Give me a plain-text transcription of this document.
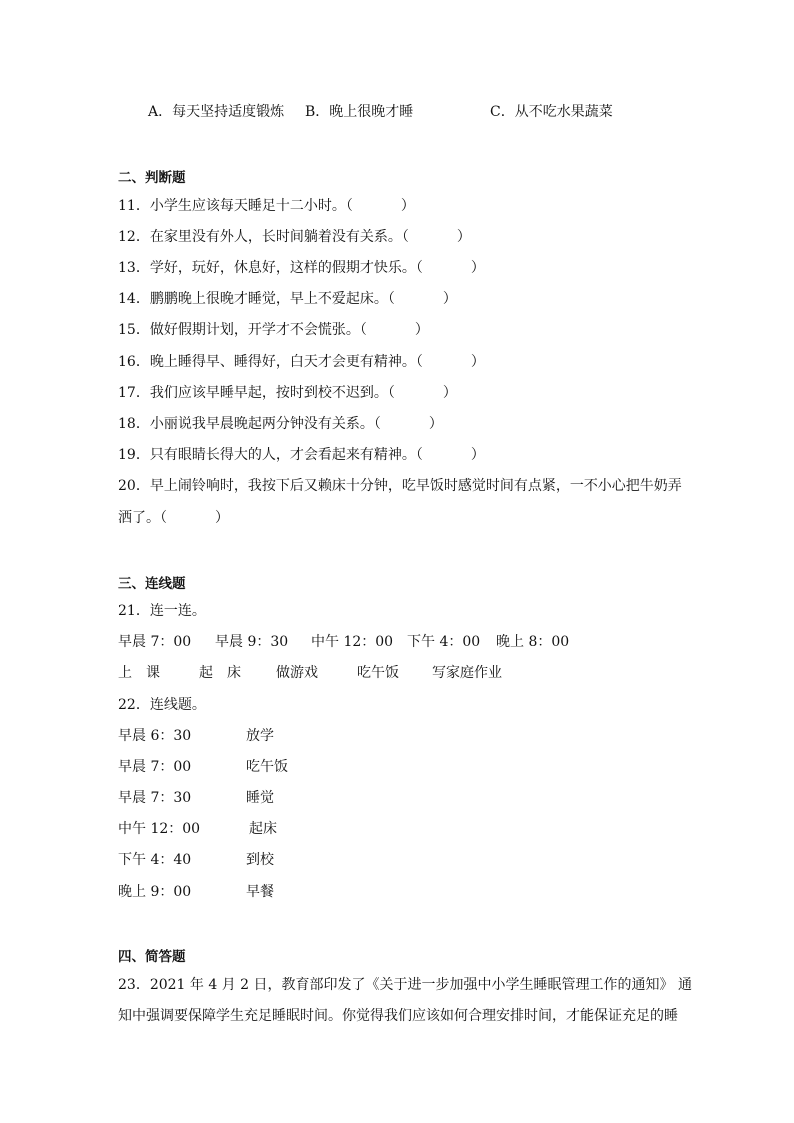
A．每天坚持适度锻炼 B．晚上很晚才睡	C．从不吃水果蔬菜
二、判断题
11．小学生应该每天睡足十二小时。（	）
12．在家里没有外人，长时间躺着没有关系。（	）
13．学好，玩好，休息好，这样的假期才快乐。（	）
14．鹏鹏晚上很晚才睡觉，早上不爱起床。（	）
15．做好假期计划，开学才不会慌张。（	）
16．晚上睡得早、睡得好，白天才会更有精神。（	）
17．我们应该早睡早起，按时到校不迟到。（	）
18．小丽说我早晨晚起两分钟没有关系。（	）
19．只有眼睛长得大的人，才会看起来有精神。（	）
20．早上闹铃响时，我按下后又赖床十分钟，吃早饭时感觉时间有点紧，一不小心把牛奶弄
洒了。（	）
三、连线题
21．连一连。
早晨 7：00 早晨 9：30 中午 12：00 下午 4：00 晚上 8：00
上　课	起　床	做游戏	吃午饭 写家庭作业
22．连线题。
早晨 6：30	放学
早晨 7：00	吃午饭
早晨 7：30	睡觉
中午 12：00	起床
下午 4：40	到校
晚上 9：00	早餐
四、简答题
23．2021 年 4 月 2 日，教育部印发了《关于进一步加强中小学生睡眠管理工作的通知》 通
知中强调要保障学生充足睡眠时间。你觉得我们应该如何合理安排时间，才能保证充足的睡
